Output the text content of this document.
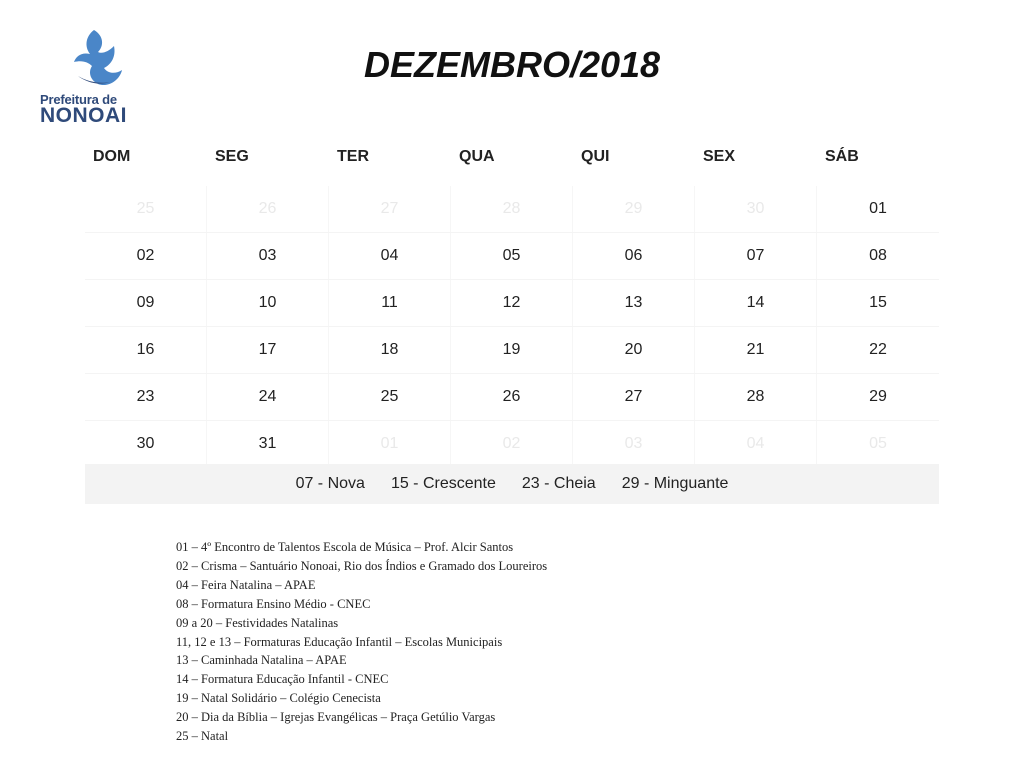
Prefeitura de
NONOAI
DEZEMBRO/2018
DOM	SEG	TER	QUA	QUI	SEX	SÁB
25	26	27	28	29	30	01
02	03	04	05	06	07	08
09	10	11	12	13	14	15
16	17	18	19	20	21	22
23	24	25	26	27	28	29
30	31	01	02	03	04	05
07 - Nova 15 - Crescente 23 - Cheia 29 - Minguante
01 – 4º Encontro de Talentos Escola de Música – Prof. Alcir Santos
02 – Crisma – Santuário Nonoai, Rio dos Índios e Gramado dos Loureiros
04 – Feira Natalina – APAE
08 – Formatura Ensino Médio - CNEC
09 a 20 – Festividades Natalinas
11, 12 e 13 – Formaturas Educação Infantil – Escolas Municipais
13 – Caminhada Natalina – APAE
14 – Formatura Educação Infantil - CNEC
19 – Natal Solidário – Colégio Cenecista
20 – Dia da Bíblia – Igrejas Evangélicas – Praça Getúlio Vargas
25 – Natal
